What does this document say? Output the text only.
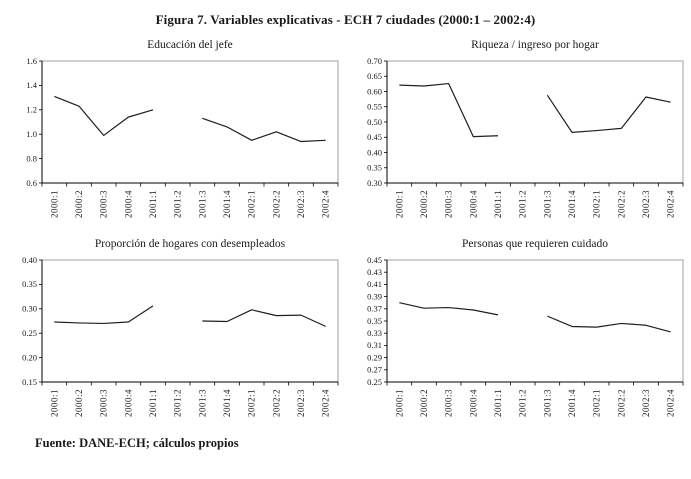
Figura 7. Variables explicativas - ECH 7 ciudades (2000:1 – 2002:4)
Educación del jefe
1.6
1.4
1.2
1.0
0.8
0.6
2000:1 2000:2 2000:3 2000:4 2001:1 2001:2 2001:3 2001:4 2002:1 2002:2 2002:3 2002:4
Riqueza / ingreso por hogar
0.70
0.65
0.60
0.55
0.50
0.45
0.40
0.35
0.30
2000:1 2000:2 2000:3 2000:4 2001:1 2001:2 2001:3 2001:4 2002:1 2002:2 2002:3 2002:4
Proporción de hogares con desempleados
0.40
0.35
0.30
0.25
0.20
0.15
2000:1 2000:2 2000:3 2000:4 2001:1 2001:2 2001:3 2001:4 2002:1 2002:2 2002:3 2002:4
Personas que requieren cuidado
0.45
0.43
0.41
0.39
0.37
0.35
0.33
0.31
0.29
0.27
0.25
2000:1 2000:2 2000:3 2000:4 2001:1 2001:2 2001:3 2001:4 2002:1 2002:2 2002:3 2002:4
Fuente: DANE-ECH; cálculos propios
